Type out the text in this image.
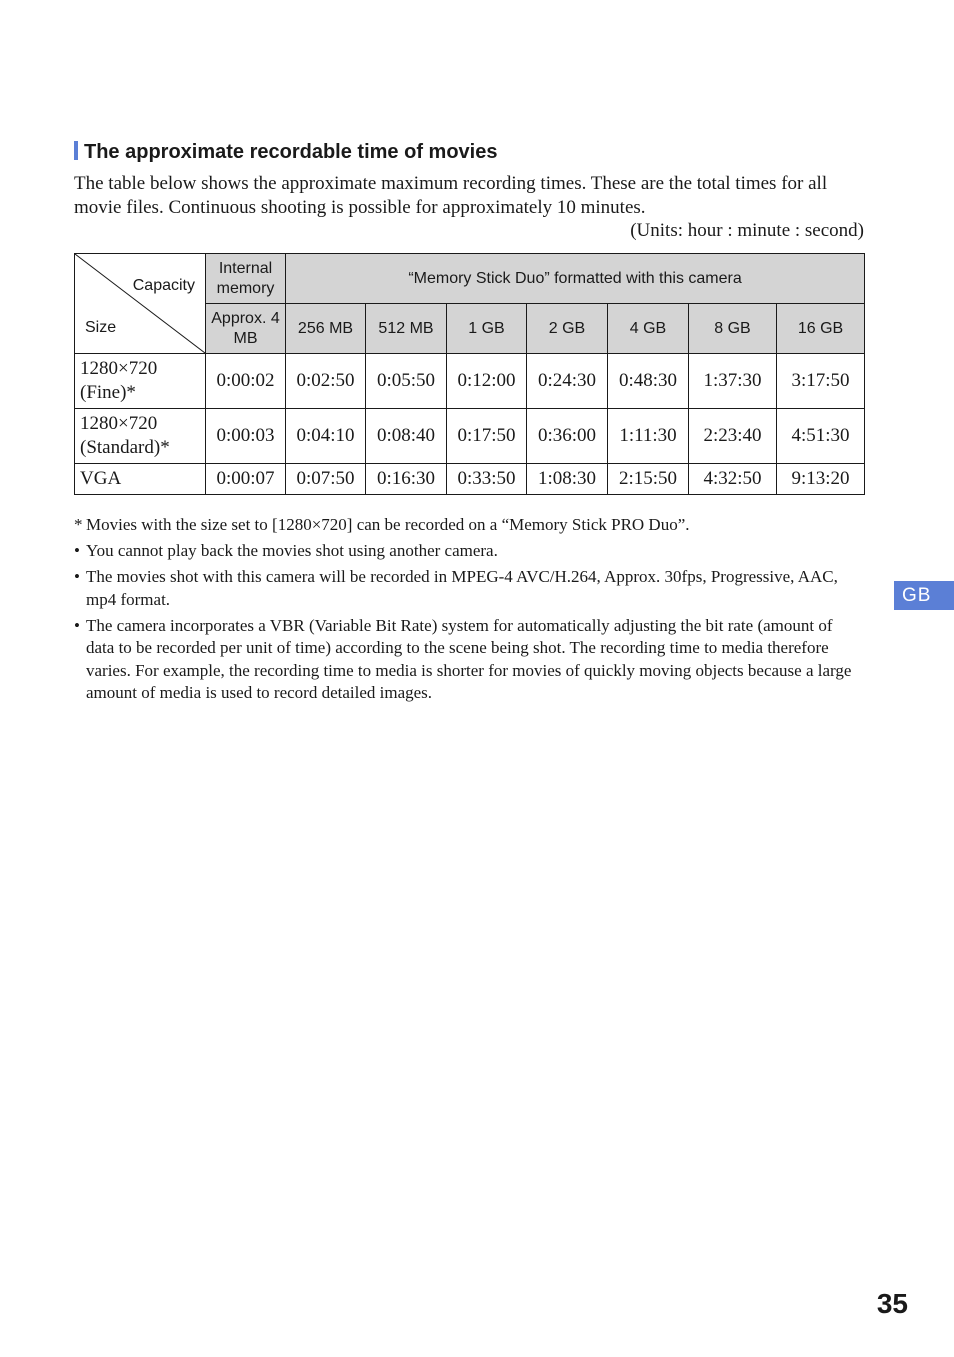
The approximate recordable time of movies

The table below shows the approximate maximum recording times. These are the total times for all movie files. Continuous shooting is possible for approximately 10 minutes.

(Units: hour : minute : second)
Capacity
Size	Internal memory	“Memory Stick Duo” formatted with this camera						
	Approx. 4 MB	256 MB	512 MB	1 GB	2 GB	4 GB	8 GB	16 GB

1280×720
(Fine)*	0:00:02	0:02:50	0:05:50	0:12:00	0:24:30	0:48:30	1:37:30	3:17:50

1280×720
(Standard)*	0:00:03	0:04:10	0:08:40	0:17:50	0:36:00	1:11:30	2:23:40	4:51:30

VGA	0:00:07	0:07:50	0:16:30	0:33:50	1:08:30	2:15:50	4:32:50	9:13:20
* Movies with the size set to [1280×720] can be recorded on a “Memory Stick PRO Duo”.
• You cannot play back the movies shot using another camera.
• The movies shot with this camera will be recorded in MPEG-4 AVC/H.264, Approx. 30fps, Progressive, AAC, mp4 format.
• The camera incorporates a VBR (Variable Bit Rate) system for automatically adjusting the bit rate (amount of data to be recorded per unit of time) according to the scene being shot. The recording time to media therefore varies. For example, the recording time to media is shorter for movies of quickly moving objects because a large amount of media is used to record detailed images.
GB
35
